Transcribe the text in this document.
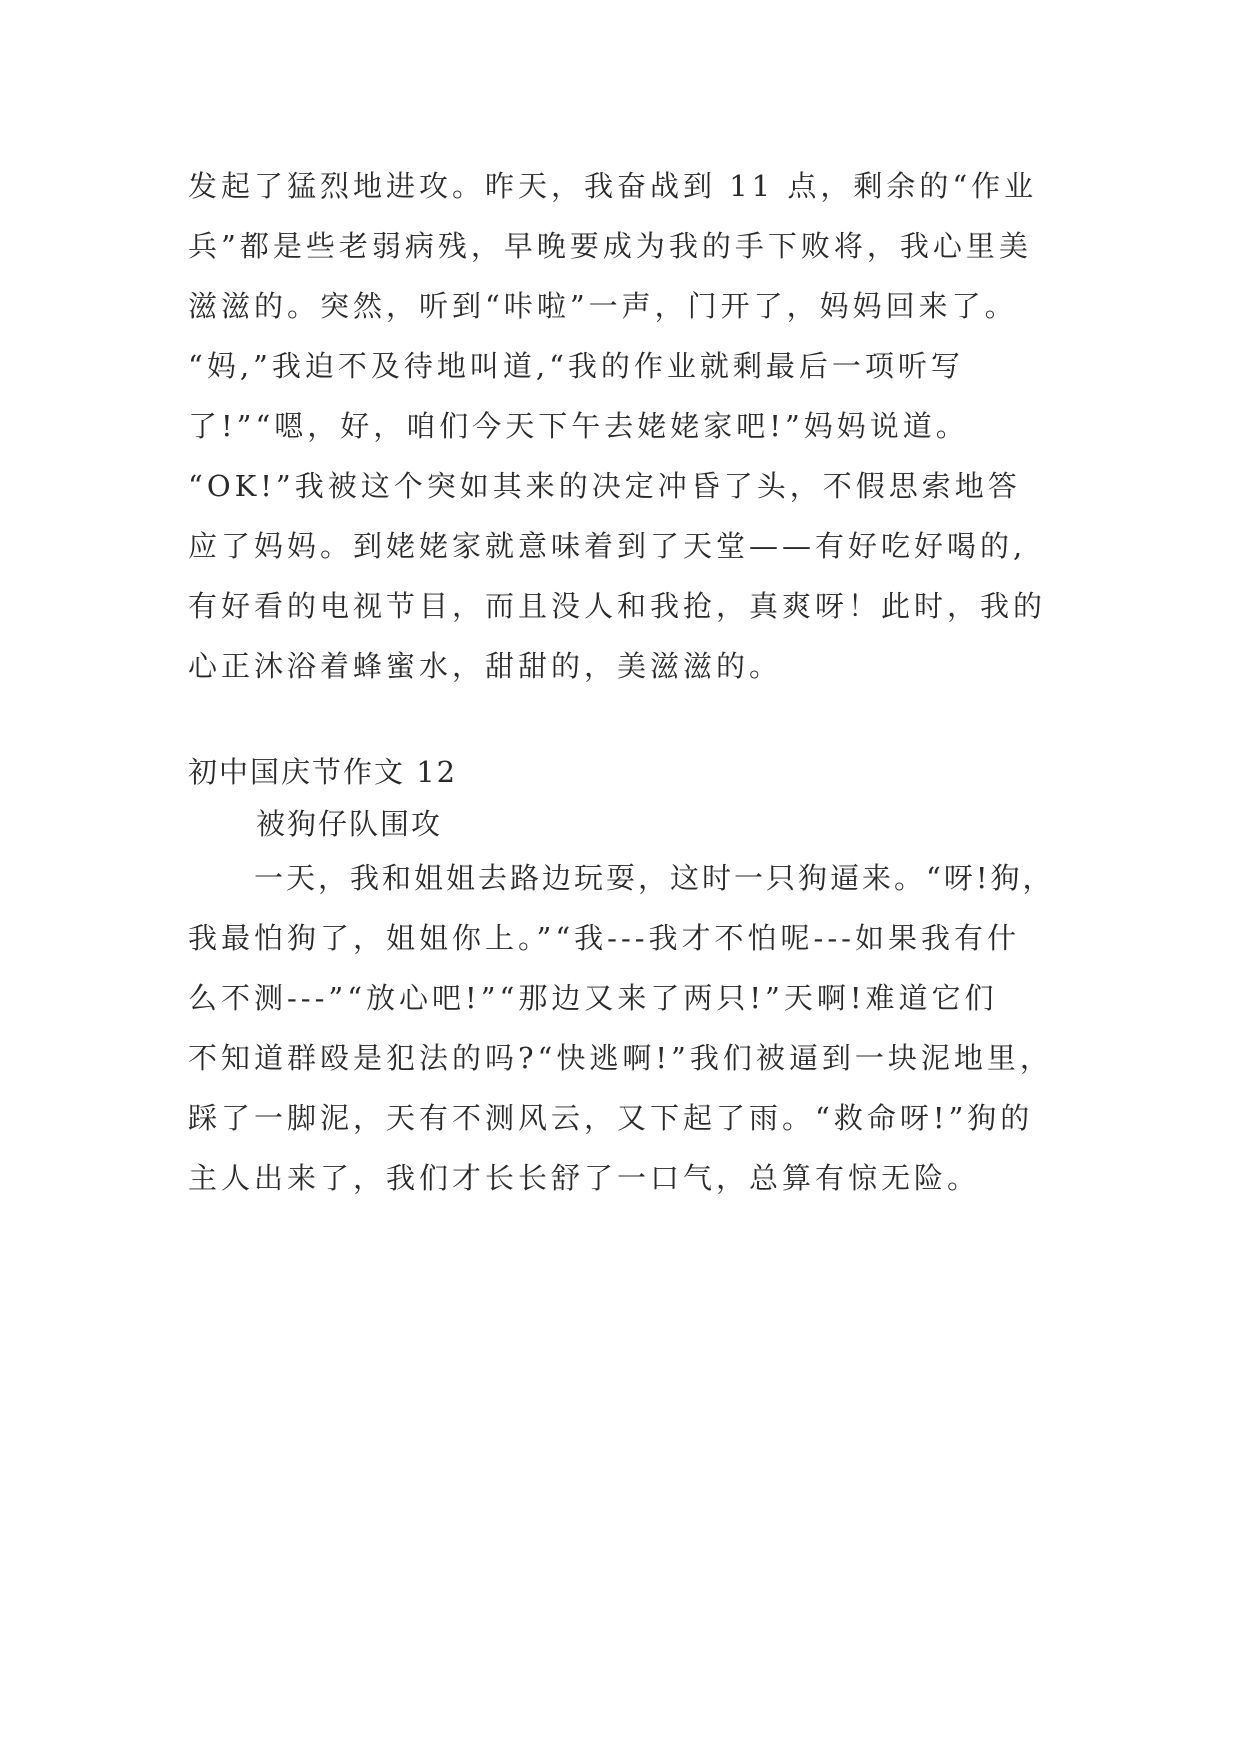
发起了猛烈地进攻。昨天，我奋战到 11 点，剩余的“作业
兵”都是些老弱病残，早晚要成为我的手下败将，我心里美
滋滋的。突然，听到“咔啦”一声，门开了，妈妈回来了。
“妈,”我迫不及待地叫道,“我的作业就剩最后一项听写
了!”“嗯，好，咱们今天下午去姥姥家吧!”妈妈说道。
“OK!”我被这个突如其来的决定冲昏了头，不假思索地答
应了妈妈。到姥姥家就意味着到了天堂——有好吃好喝的,
有好看的电视节目，而且没人和我抢，真爽呀！此时，我的
心正沐浴着蜂蜜水，甜甜的，美滋滋的。
初中国庆节作文 12
被狗仔队围攻
一天，我和姐姐去路边玩耍，这时一只狗逼来。“呀!狗，
我最怕狗了，姐姐你上。”“我---我才不怕呢---如果我有什
么不测---”“放心吧!”“那边又来了两只!”天啊!难道它们
不知道群殴是犯法的吗?“快逃啊!”我们被逼到一块泥地里，
踩了一脚泥，天有不测风云，又下起了雨。“救命呀!”狗的
主人出来了，我们才长长舒了一口气，总算有惊无险。
